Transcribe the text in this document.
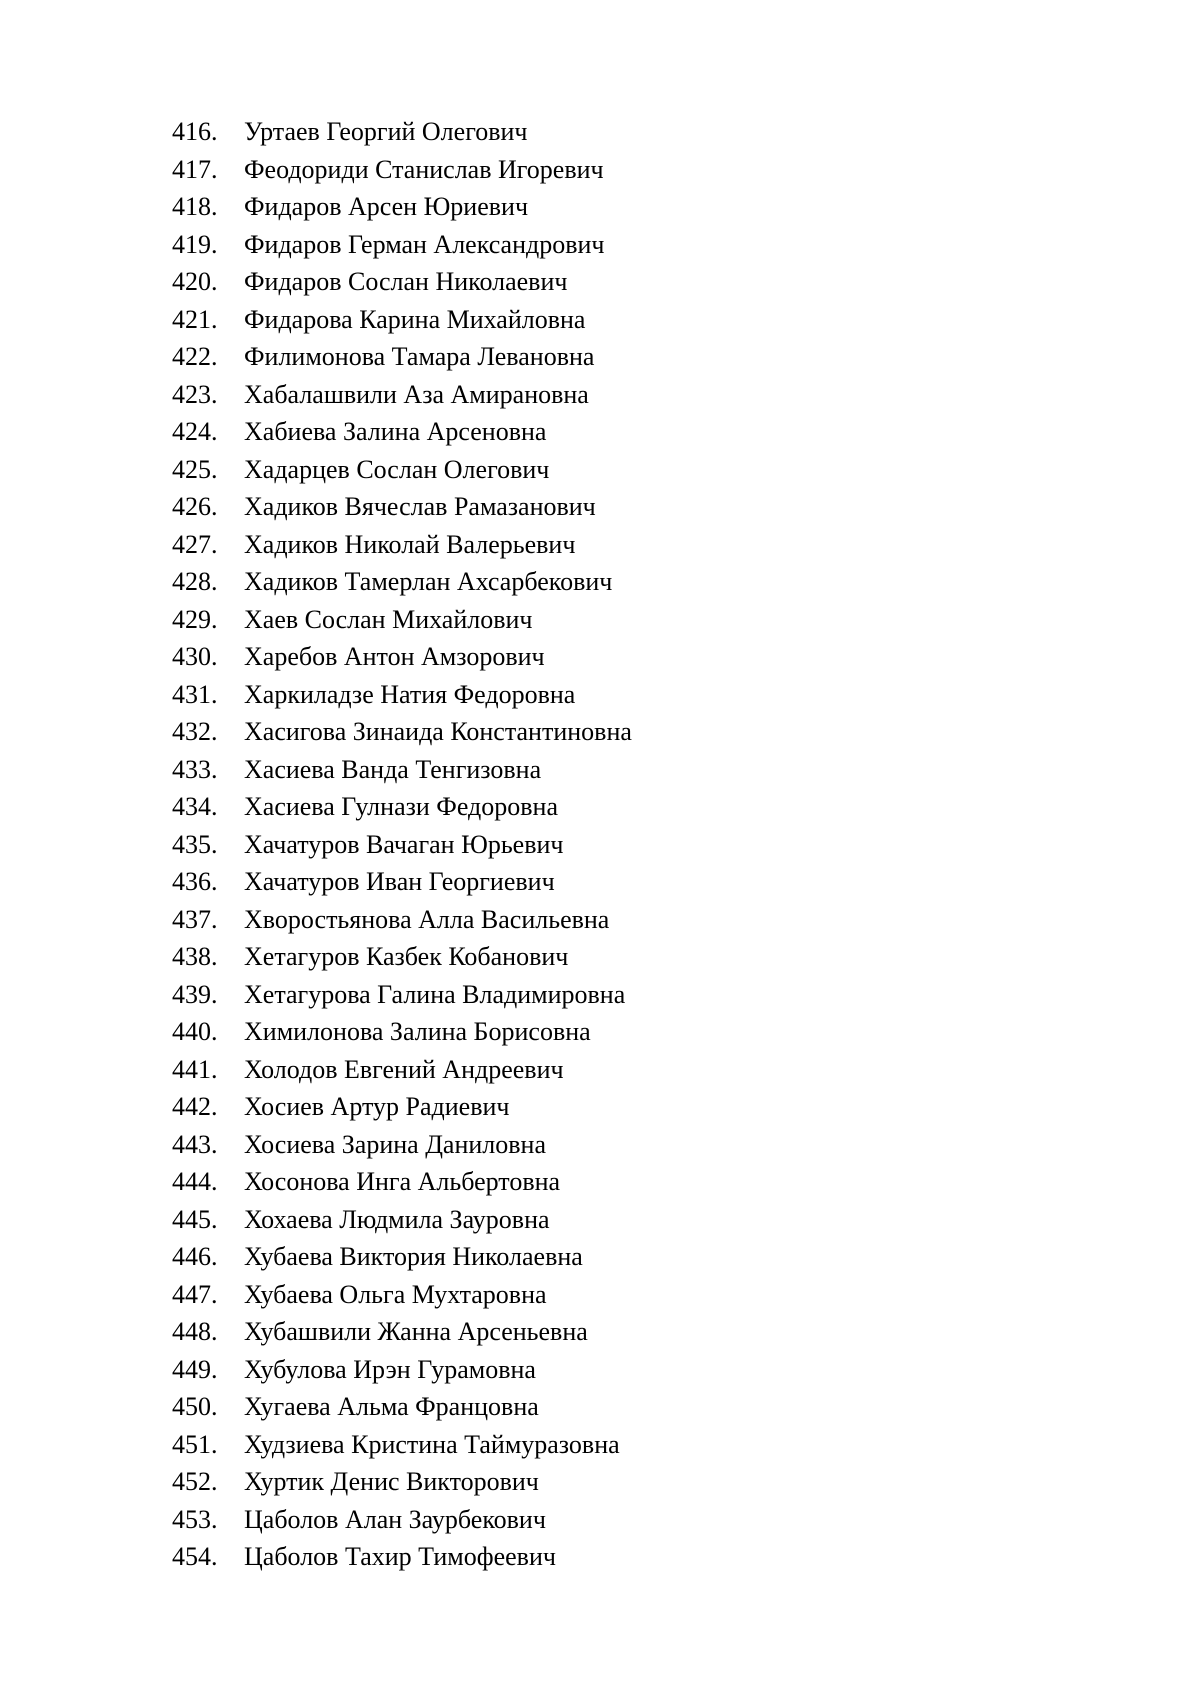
416.	Уртаев Георгий Олегович
417.	Феодориди Станислав Игоревич
418.	Фидаров Арсен Юриевич
419.	Фидаров Герман Александрович
420.	Фидаров Сослан Николаевич
421.	Фидарова Карина Михайловна
422.	Филимонова Тамара Левановна
423.	Хабалашвили Аза Амирановна
424.	Хабиева Залина Арсеновна
425.	Хадарцев Сослан Олегович
426.	Хадиков Вячеслав Рамазанович
427.	Хадиков Николай Валерьевич
428.	Хадиков Тамерлан Ахсарбекович
429.	Хаев Сослан Михайлович
430.	Харебов Антон Амзорович
431.	Харкиладзе Натия Федоровна
432.	Хасигова Зинаида Константиновна
433.	Хасиева Ванда Тенгизовна
434.	Хасиева Гулнази Федоровна
435.	Хачатуров Вачаган Юрьевич
436.	Хачатуров Иван Георгиевич
437.	Хворостьянова Алла Васильевна
438.	Хетагуров Казбек Кобанович
439.	Хетагурова Галина Владимировна
440.	Химилонова Залина Борисовна
441.	Холодов Евгений Андреевич
442.	Хосиев Артур Радиевич
443.	Хосиева Зарина Даниловна
444.	Хосонова Инга Альбертовна
445.	Хохаева Людмила Зауровна
446.	Хубаева Виктория Николаевна
447.	Хубаева Ольга Мухтаровна
448.	Хубашвили Жанна Арсеньевна
449.	Хубулова Ирэн Гурамовна
450.	Хугаева Альма Францовна
451.	Худзиева Кристина Таймуразовна
452.	Хуртик Денис Викторович
453.	Цаболов Алан Заурбекович
454.	Цаболов Тахир Тимофеевич
